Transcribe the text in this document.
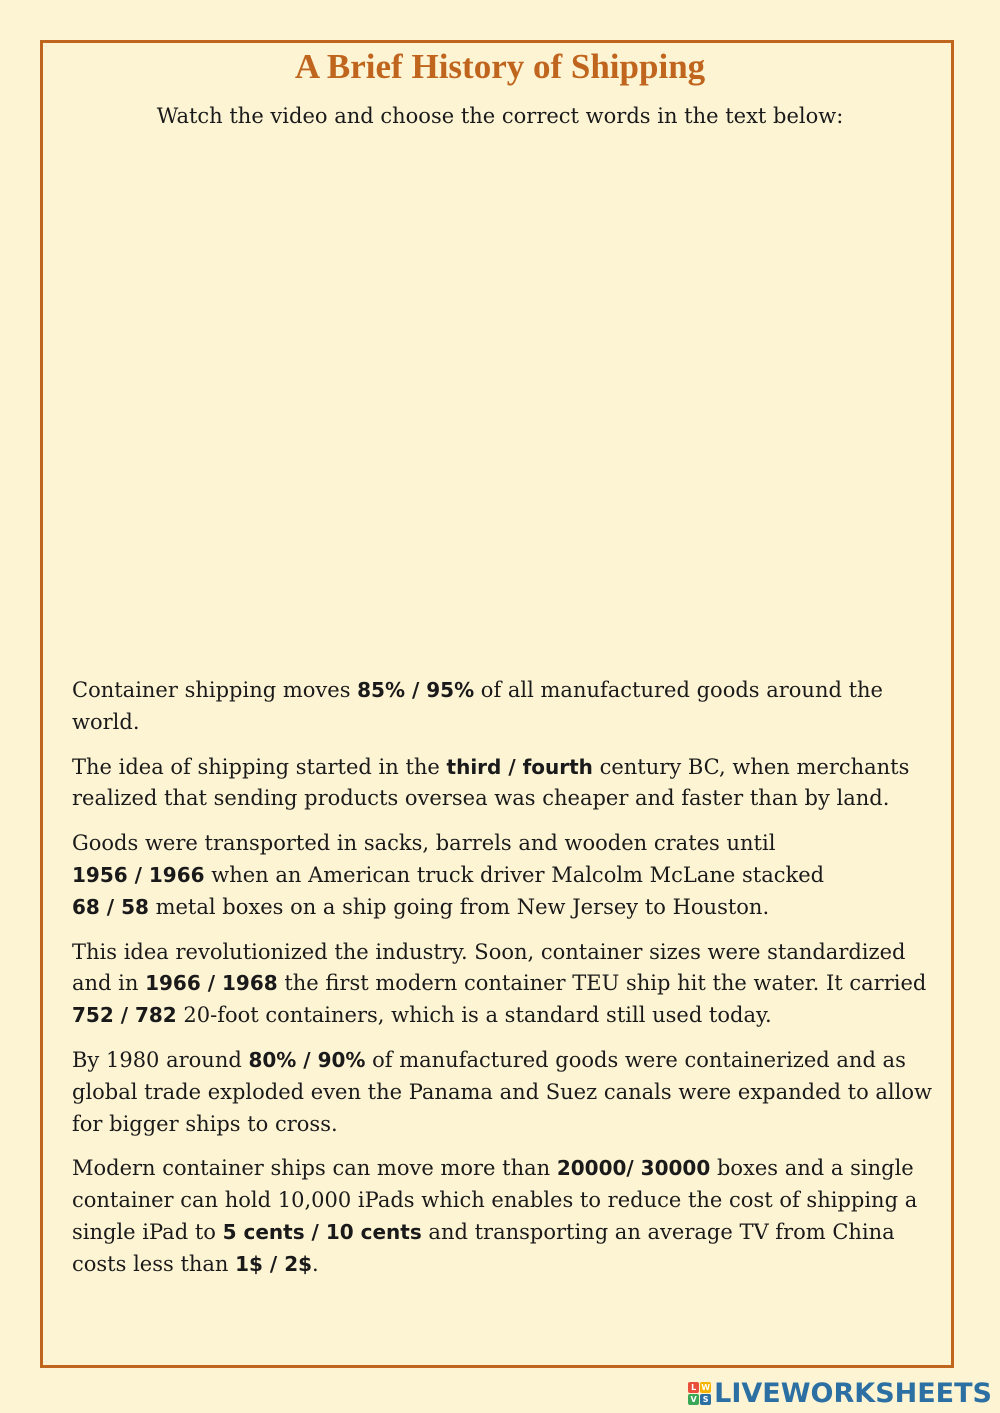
A Brief History of Shipping
Watch the video and choose the correct words in the text below:

Container shipping moves 85% / 95% of all manufactured goods around the world.

The idea of shipping started in the third / fourth century BC, when merchants realized that sending products oversea was cheaper and faster than by land.

Goods were transported in sacks, barrels and wooden crates until
1956 / 1966 when an American truck driver Malcolm McLane stacked
68 / 58 metal boxes on a ship going from New Jersey to Houston.

This idea revolutionized the industry. Soon, container sizes were standardized and in 1966 / 1968 the first modern container TEU ship hit the water. It carried 752 / 782 20-foot containers, which is a standard still used today.

By 1980 around 80% / 90% of manufactured goods were containerized and as global trade exploded even the Panama and Suez canals were expanded to allow for bigger ships to cross.

Modern container ships can move more than 20000/ 30000 boxes and a single container can hold 10,000 iPads which enables to reduce the cost of shipping a single iPad to 5 cents / 10 cents and transporting an average TV from China costs less than 1$ / 2$.

L W
V S LIVEWORKSHEETS
